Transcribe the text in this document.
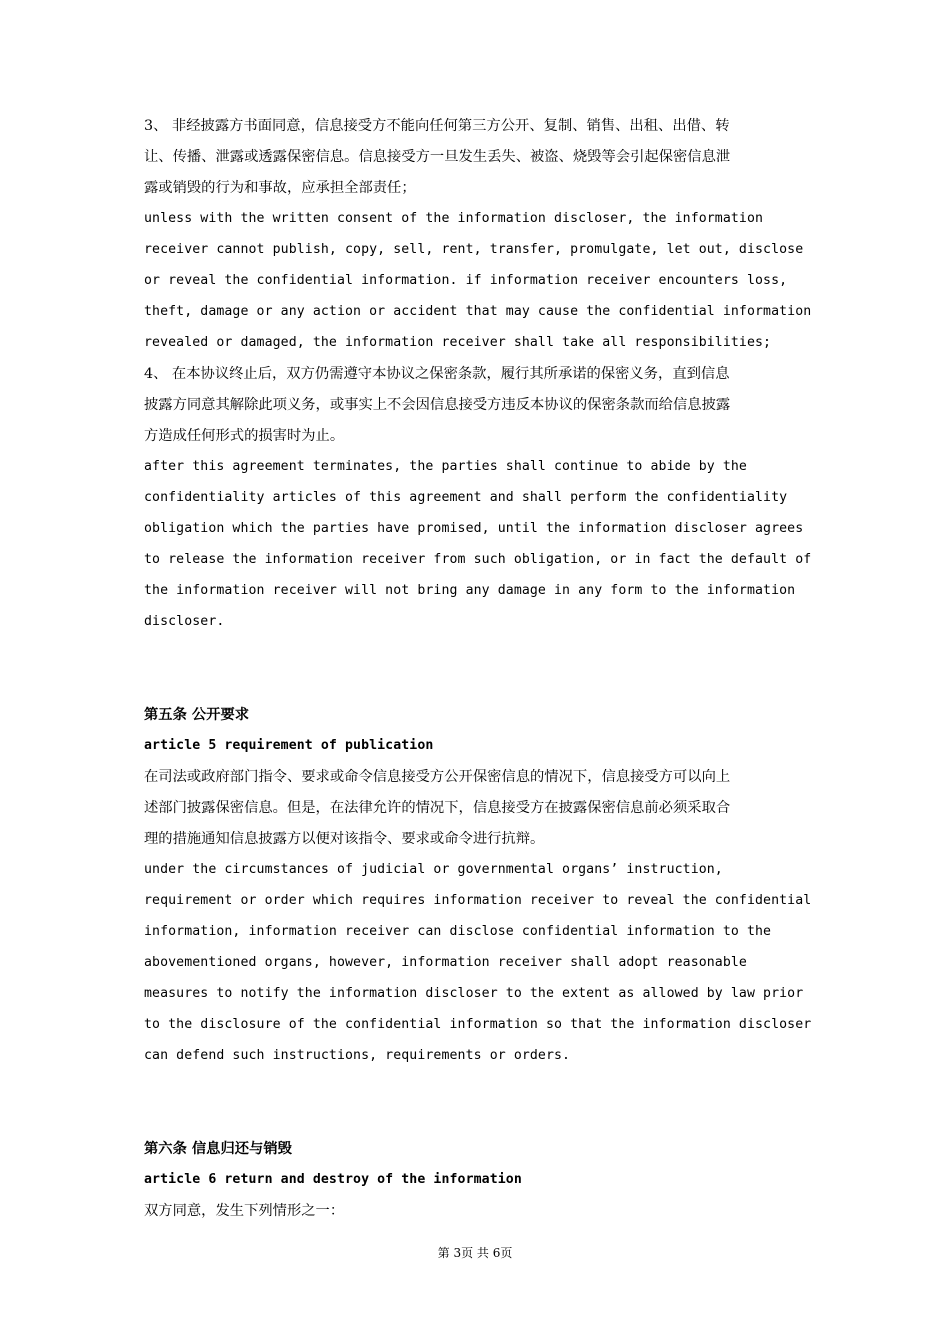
3、 非经披露方书面同意，信息接受方不能向任何第三方公开、复制、销售、出租、出借、转
让、传播、泄露或透露保密信息。信息接受方一旦发生丢失、被盗、烧毁等会引起保密信息泄
露或销毁的行为和事故，应承担全部责任；
unless with the written consent of the information discloser, the information
receiver cannot publish, copy, sell, rent, transfer, promulgate, let out, disclose
or reveal the confidential information. if information receiver encounters loss,
theft, damage or any action or accident that may cause the confidential information
revealed or damaged, the information receiver shall take all responsibilities;
4、 在本协议终止后，双方仍需遵守本协议之保密条款，履行其所承诺的保密义务，直到信息
披露方同意其解除此项义务，或事实上不会因信息接受方违反本协议的保密条款而给信息披露
方造成任何形式的损害时为止。
after this agreement terminates, the parties shall continue to abide by the
confidentiality articles of this agreement and shall perform the confidentiality
obligation which the parties have promised, until the information discloser agrees
to release the information receiver from such obligation, or in fact the default of
the information receiver will not bring any damage in any form to the information
discloser.
第五条 公开要求
article 5 requirement of publication
在司法或政府部门指令、要求或命令信息接受方公开保密信息的情况下，信息接受方可以向上
述部门披露保密信息。但是，在法律允许的情况下，信息接受方在披露保密信息前必须采取合
理的措施通知信息披露方以便对该指令、要求或命令进行抗辩。
under the circumstances of judicial or governmental organs’ instruction,
requirement or order which requires information receiver to reveal the confidential
information, information receiver can disclose confidential information to the
abovementioned organs, however, information receiver shall adopt reasonable
measures to notify the information discloser to the extent as allowed by law prior
to the disclosure of the confidential information so that the information discloser
can defend such instructions, requirements or orders.
第六条 信息归还与销毁
article 6 return and destroy of the information
双方同意，发生下列情形之一：
第 3页 共 6页
